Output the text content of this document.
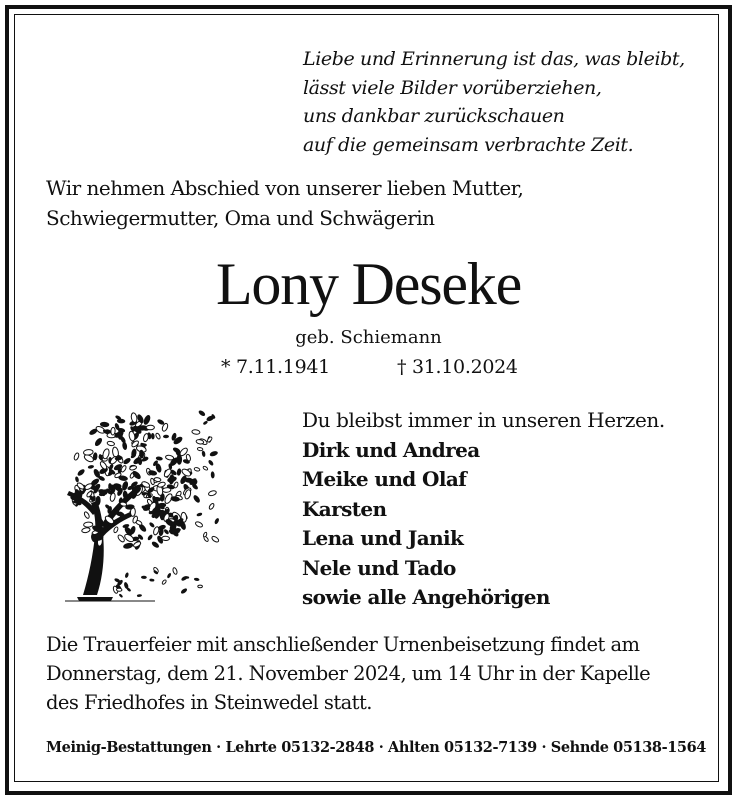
Liebe und Erinnerung ist das, was bleibt,
lässt viele Bilder vorüberziehen,
uns dankbar zurückschauen
auf die gemeinsam verbrachte Zeit.
Wir nehmen Abschied von unserer lieben Mutter,
Schwiegermutter, Oma und Schwägerin
Lony Deseke
geb. Schiemann
* 7.11.1941	† 31.10.2024
Du bleibst immer in unseren Herzen.
Dirk und Andrea
Meike und Olaf
Karsten
Lena und Janik
Nele und Tado
sowie alle Angehörigen
Die Trauerfeier mit anschließender Urnenbeisetzung findet am
Donnerstag, dem 21. November 2024, um 14 Uhr in der Kapelle
des Friedhofes in Steinwedel statt.
Meinig-Bestattungen · Lehrte 05132-2848 · Ahlten 05132-7139 · Sehnde 05138-1564
